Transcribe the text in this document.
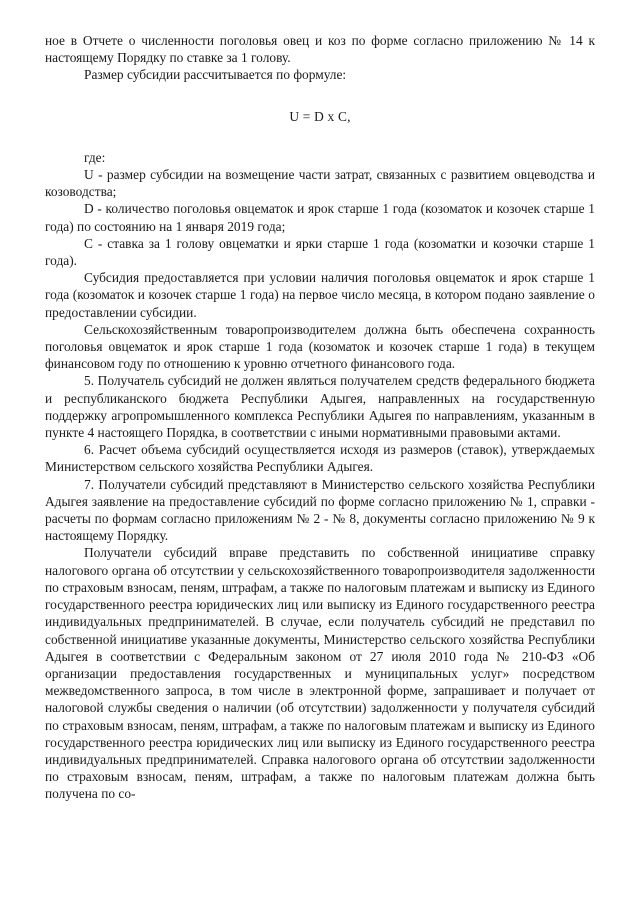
ное в Отчете о численности поголовья овец и коз по форме согласно приложению № 14 к настоящему Порядку по ставке за 1 голову.

Размер субсидии рассчитывается по формуле:

U = D x C,

где:

U - размер субсидии на возмещение части затрат, связанных с развитием овцеводства и козоводства;

D - количество поголовья овцематок и ярок старше 1 года (козоматок и козочек старше 1 года) по состоянию на 1 января 2019 года;

C - ставка за 1 голову овцематки и ярки старше 1 года (козоматки и козочки старше 1 года).

Субсидия предоставляется при условии наличия поголовья овцематок и ярок старше 1 года (козоматок и козочек старше 1 года) на первое число месяца, в котором подано заявление о предоставлении субсидии.

Сельскохозяйственным товаропроизводителем должна быть обеспечена сохранность поголовья овцематок и ярок старше 1 года (козоматок и козочек старше 1 года) в текущем финансовом году по отношению к уровню отчетного финансового года.

5. Получатель субсидий не должен являться получателем средств федерального бюджета и республиканского бюджета Республики Адыгея, направленных на государственную поддержку агропромышленного комплекса Республики Адыгея по направлениям, указанным в пункте 4 настоящего Порядка, в соответствии с иными нормативными правовыми актами.

6. Расчет объема субсидий осуществляется исходя из размеров (ставок), утверждаемых Министерством сельского хозяйства Республики Адыгея.

7. Получатели субсидий представляют в Министерство сельского хозяйства Республики Адыгея заявление на предоставление субсидий по форме согласно приложению № 1, справки - расчеты по формам согласно приложениям № 2 - № 8, документы согласно приложению № 9 к настоящему Порядку.

Получатели субсидий вправе представить по собственной инициативе справку налогового органа об отсутствии у сельскохозяйственного товаропроизводителя задолженности по страховым взносам, пеням, штрафам, а также по налоговым платежам и выписку из Единого государственного реестра юридических лиц или выписку из Единого государственного реестра индивидуальных предпринимателей. В случае, если получатель субсидий не представил по собственной инициативе указанные документы, Министерство сельского хозяйства Республики Адыгея в соответствии с Федеральным законом от 27 июля 2010 года № 210-ФЗ «Об организации предоставления государственных и муниципальных услуг» посредством межведомственного запроса, в том числе в электронной форме, запрашивает и получает от налоговой службы сведения о наличии (об отсутствии) задолженности у получателя субсидий по страховым взносам, пеням, штрафам, а также по налоговым платежам и выписку из Единого государственного реестра юридических лиц или выписку из Единого государственного реестра индивидуальных предпринимателей. Справка налогового органа об отсутствии задолженности по страховым взносам, пеням, штрафам, а также по налоговым платежам должна быть получена по со-
